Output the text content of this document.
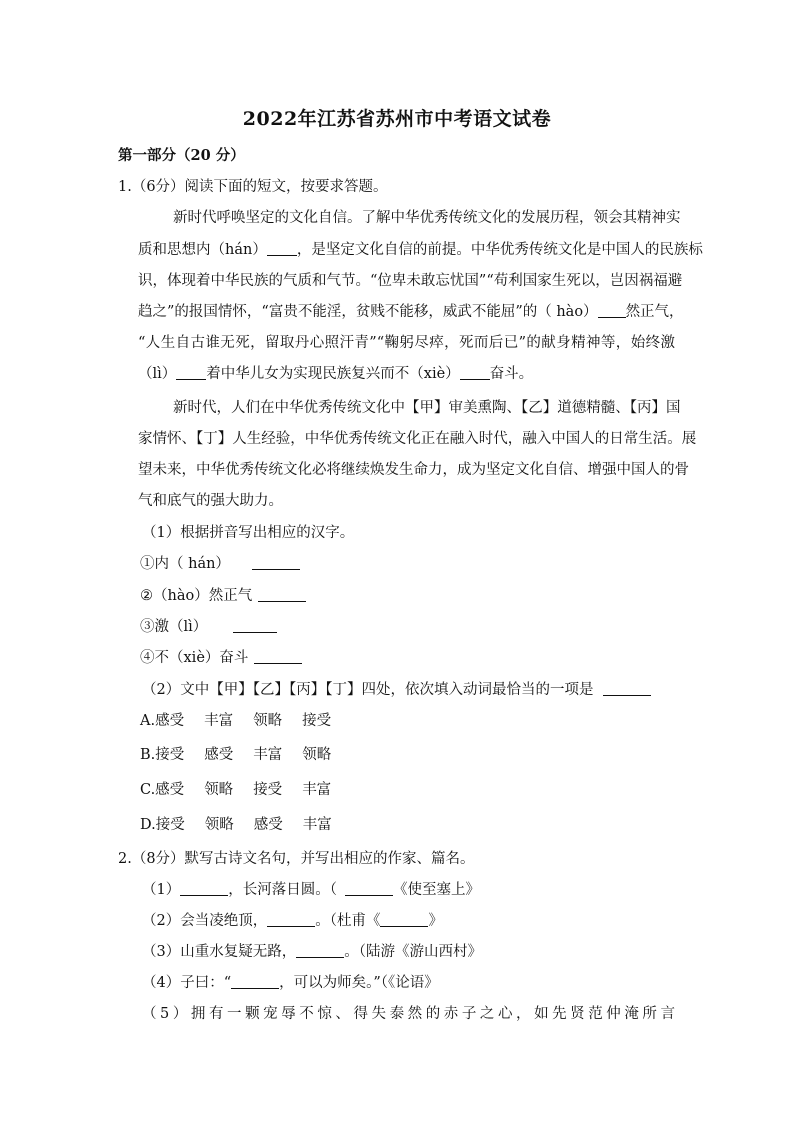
2022年江苏省苏州市中考语文试卷
第一部分（20 分）
1.（6分）阅读下面的短文，按要求答题。
新时代呼唤坚定的文化自信。了解中华优秀传统文化的发展历程，领会其精神实
质和思想内（hán） ，是坚定文化自信的前提。中华优秀传统文化是中国人的民族标
识，体现着中华民族的气质和气节。“位卑未敢忘忧国”“苟利国家生死以，岂因祸福避
趋之”的报国情怀，“富贵不能淫，贫贱不能移，威武不能屈”的（ hào） 然正气，
“人生自古谁无死，留取丹心照汗青”“鞠躬尽瘁，死而后已”的献身精神等，始终激
（lì） 着中华儿女为实现民族复兴而不（xiè） 奋斗。
新时代，人们在中华优秀传统文化中【甲】审美熏陶、【乙】道德精髓、【丙】国
家情怀、【丁】人生经验，中华优秀传统文化正在融入时代，融入中国人的日常生活。展
望未来，中华优秀传统文化必将继续焕发生命力，成为坚定文化自信、增强中国人的骨
气和底气的强大助力。
（1）根据拼音写出相应的汉字。
①内（ hán）
②（hào）然正气
③激（lì）
④不（xiè）奋斗
（2）文中【甲】【乙】【丙】【丁】四处，依次填入动词最恰当的一项是
A.感受 丰富 领略 接受
B.接受 感受 丰富 领略
C.感受 领略 接受 丰富
D.接受 领略 感受 丰富
2.（8分）默写古诗文名句，并写出相应的作家、篇名。
（1）	，长河落日圆。（	《使至塞上》
（2）会当凌绝顶，	。（杜甫《	》
（3）山重水复疑无路，	。（陆游《游山西村》
（4）子曰：“	，可以为师矣。”（《论语》
（5）拥有一颗宠辱不惊、得失泰然的赤子之心，如先贤范仲淹所言
